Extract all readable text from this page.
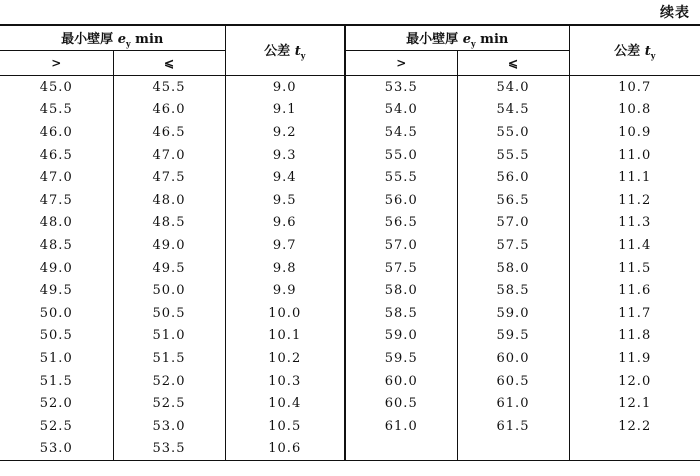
续表
最小壁厚 $e_y$ min		公差 $t_y$	最小壁厚 $e_y$ min		公差 $t_y$
>	⩽		>	⩽	
45.0	45.5	9.0	53.5	54.0	10.7
45.5	46.0	9.1	54.0	54.5	10.8
46.0	46.5	9.2	54.5	55.0	10.9
46.5	47.0	9.3	55.0	55.5	11.0
47.0	47.5	9.4	55.5	56.0	11.1
47.5	48.0	9.5	56.0	56.5	11.2
48.0	48.5	9.6	56.5	57.0	11.3
48.5	49.0	9.7	57.0	57.5	11.4
49.0	49.5	9.8	57.5	58.0	11.5
49.5	50.0	9.9	58.0	58.5	11.6
50.0	50.5	10.0	58.5	59.0	11.7
50.5	51.0	10.1	59.0	59.5	11.8
51.0	51.5	10.2	59.5	60.0	11.9
51.5	52.0	10.3	60.0	60.5	12.0
52.0	52.5	10.4	60.5	61.0	12.1
52.5	53.0	10.5	61.0	61.5	12.2
53.0	53.5	10.6			
